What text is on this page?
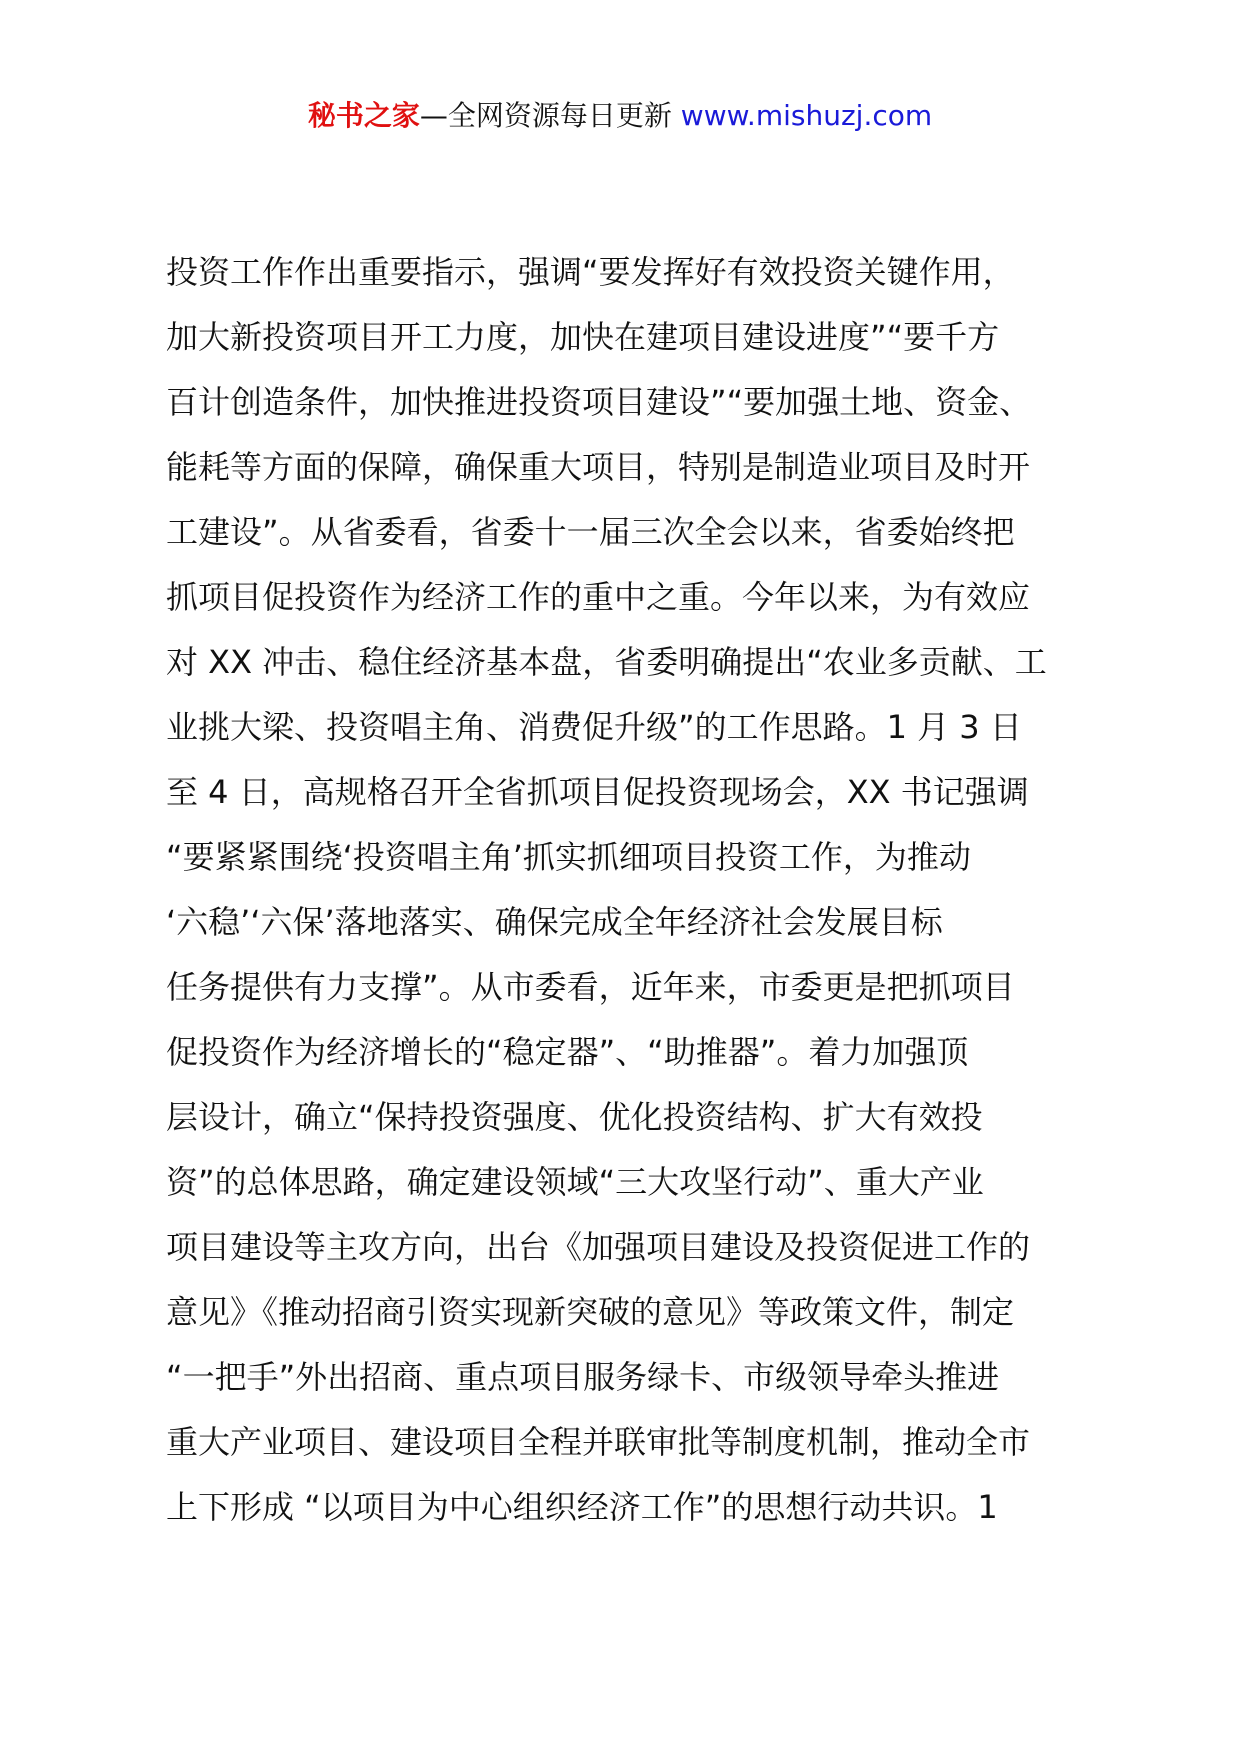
秘书之家—全网资源每日更新 www.mishuzj.com
投资工作作出重要指示，强调“要发挥好有效投资关键作用，
加大新投资项目开工力度，加快在建项目建设进度”“要千方
百计创造条件，加快推进投资项目建设”“要加强土地、资金、
能耗等方面的保障，确保重大项目，特别是制造业项目及时开
工建设”。从省委看，省委十一届三次全会以来，省委始终把
抓项目促投资作为经济工作的重中之重。今年以来，为有效应
对 XX 冲击、稳住经济基本盘，省委明确提出“农业多贡献、工
业挑大梁、投资唱主角、消费促升级”的工作思路。1 月 3 日
至 4 日，高规格召开全省抓项目促投资现场会，XX 书记强调
“要紧紧围绕‘投资唱主角’抓实抓细项目投资工作，为推动
‘六稳’‘六保’落地落实、确保完成全年经济社会发展目标
任务提供有力支撑”。从市委看，近年来，市委更是把抓项目
促投资作为经济增长的“稳定器”、“助推器”。着力加强顶
层设计，确立“保持投资强度、优化投资结构、扩大有效投
资”的总体思路，确定建设领域“三大攻坚行动”、重大产业
项目建设等主攻方向，出台《加强项目建设及投资促进工作的
意见》《推动招商引资实现新突破的意见》等政策文件，制定
“一把手”外出招商、重点项目服务绿卡、市级领导牵头推进
重大产业项目、建设项目全程并联审批等制度机制，推动全市
上下形成 “以项目为中心组织经济工作”的思想行动共识。1
